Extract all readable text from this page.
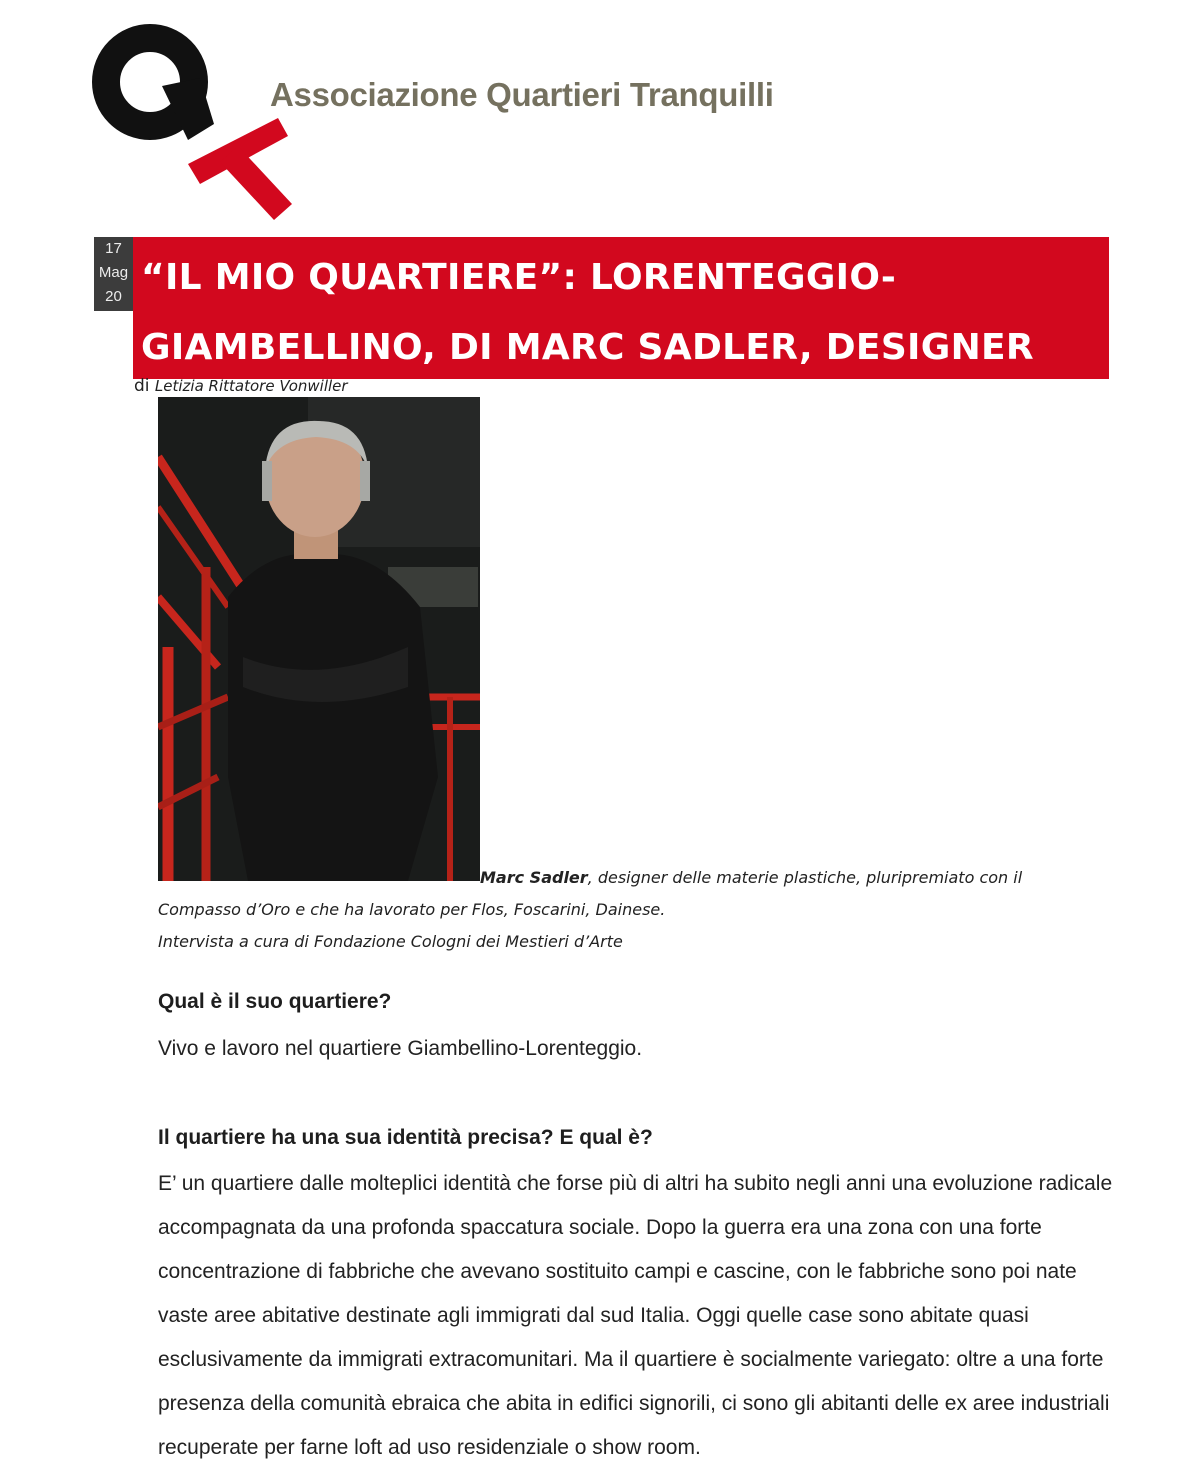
Associazione Quartieri Tranquilli

17
Mag
20 “IL MIO QUARTIERE”: LORENTEGGIO-GIAMBELLINO, DI MARC SADLER, DESIGNER
di Letizia Rittatore Vonwiller
Marc Sadler, designer delle materie plastiche, pluripremiato con il Compasso d’Oro e che ha lavorato per Flos, Foscarini, Dainese.
Intervista a cura di Fondazione Cologni dei Mestieri d’Arte

Qual è il suo quartiere?

Vivo e lavoro nel quartiere Giambellino-Lorenteggio.

Il quartiere ha una sua identità precisa? E qual è?

E’ un quartiere dalle molteplici identità che forse più di altri ha subito negli anni una evoluzione radicale accompagnata da una profonda spaccatura sociale. Dopo la guerra era una zona con una forte concentrazione di fabbriche che avevano sostituito campi e cascine, con le fabbriche sono poi nate vaste aree abitative destinate agli immigrati dal sud Italia. Oggi quelle case sono abitate quasi esclusivamente da immigrati extracomunitari. Ma il quartiere è socialmente variegato: oltre a una forte presenza della comunità ebraica che abita in edifici signorili, ci sono gli abitanti delle ex aree industriali recuperate per farne loft ad uso residenziale o show room.
